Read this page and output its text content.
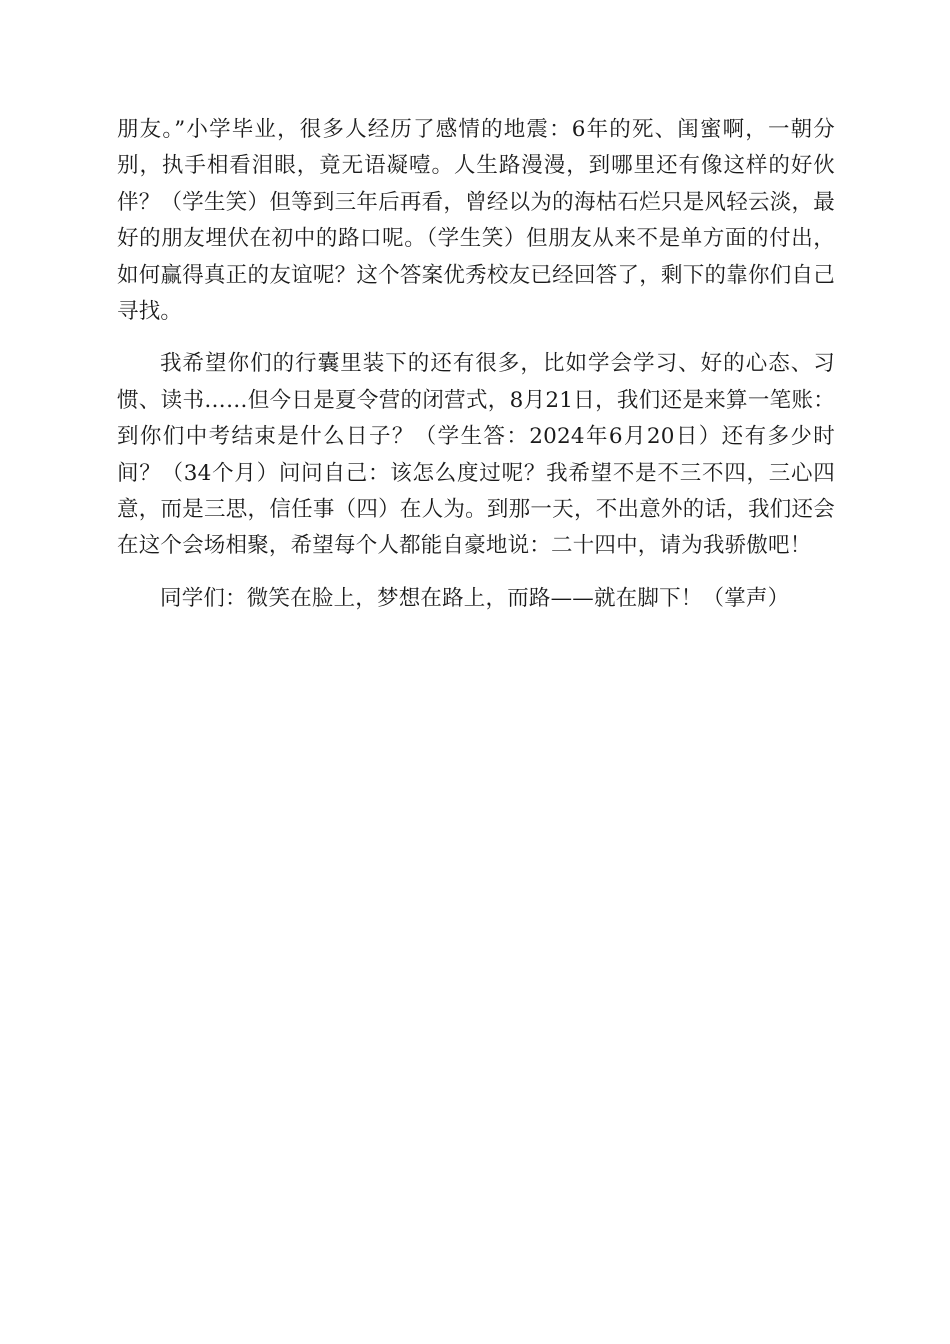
朋友。”小学毕业，很多人经历了感情的地震：6年的死、闺蜜啊，一朝分别，执手相看泪眼，竟无语凝噎。人生路漫漫，到哪里还有像这样的好伙伴？（学生笑）但等到三年后再看，曾经以为的海枯石烂只是风轻云淡，最好的朋友埋伏在初中的路口呢。（学生笑）但朋友从来不是单方面的付出，如何赢得真正的友谊呢？这个答案优秀校友已经回答了，剩下的靠你们自己寻找。

我希望你们的行囊里装下的还有很多，比如学会学习、好的心态、习惯、读书……但今日是夏令营的闭营式，8月21日，我们还是来算一笔账：到你们中考结束是什么日子？（学生答：2024年6月20日）还有多少时间？（34个月）问问自己：该怎么度过呢？我希望不是不三不四，三心四意，而是三思，信任事（四）在人为。到那一天，不出意外的话，我们还会在这个会场相聚，希望每个人都能自豪地说：二十四中，请为我骄傲吧！

同学们：微笑在脸上，梦想在路上，而路——就在脚下！（掌声）
